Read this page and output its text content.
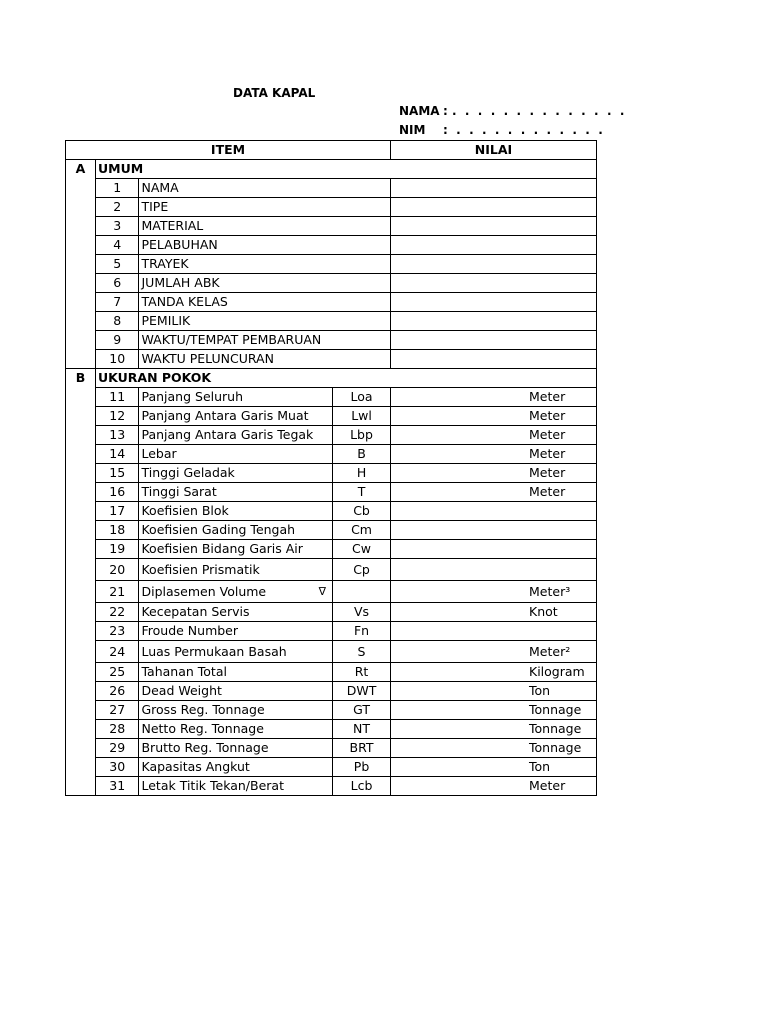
DATA KAPAL
NAMA : .  .  .  .  .  .  .  .  .  .  .  .  .  .
NIM :  .  .  .  .  .  .  .  .  .  .  .  .
ITEM				NILAI
A	UMUM			
	1	NAMA		
	2	TIPE		
	3	MATERIAL		
	4	PELABUHAN		
	5	TRAYEK		
	6	JUMLAH ABK		
	7	TANDA KELAS		
	8	PEMILIK		
	9	WAKTU/TEMPAT PEMBARUAN		
	10	WAKTU PELUNCURAN		
B	UKURAN POKOK			
	11	Panjang Seluruh	Loa	Meter
	12	Panjang Antara Garis Muat	Lwl	Meter
	13	Panjang Antara Garis Tegak	Lbp	Meter
	14	Lebar	B	Meter
	15	Tinggi Geladak	H	Meter
	16	Tinggi Sarat	T	Meter
	17	Koefisien Blok	Cb	
	18	Koefisien Gading Tengah	Cm	
	19	Koefisien Bidang Garis Air	Cw	
	20	Koefisien Prismatik	Cp	
	21	Diplasemen Volume ∇		Meter³
	22	Kecepatan Servis	Vs	Knot
	23	Froude Number	Fn	
	24	Luas Permukaan Basah	S	Meter²
	25	Tahanan Total	Rt	Kilogram
	26	Dead Weight	DWT	Ton
	27	Gross Reg. Tonnage	GT	Tonnage
	28	Netto Reg. Tonnage	NT	Tonnage
	29	Brutto Reg. Tonnage	BRT	Tonnage
	30	Kapasitas Angkut	Pb	Ton
	31	Letak Titik Tekan/Berat	Lcb	Meter
